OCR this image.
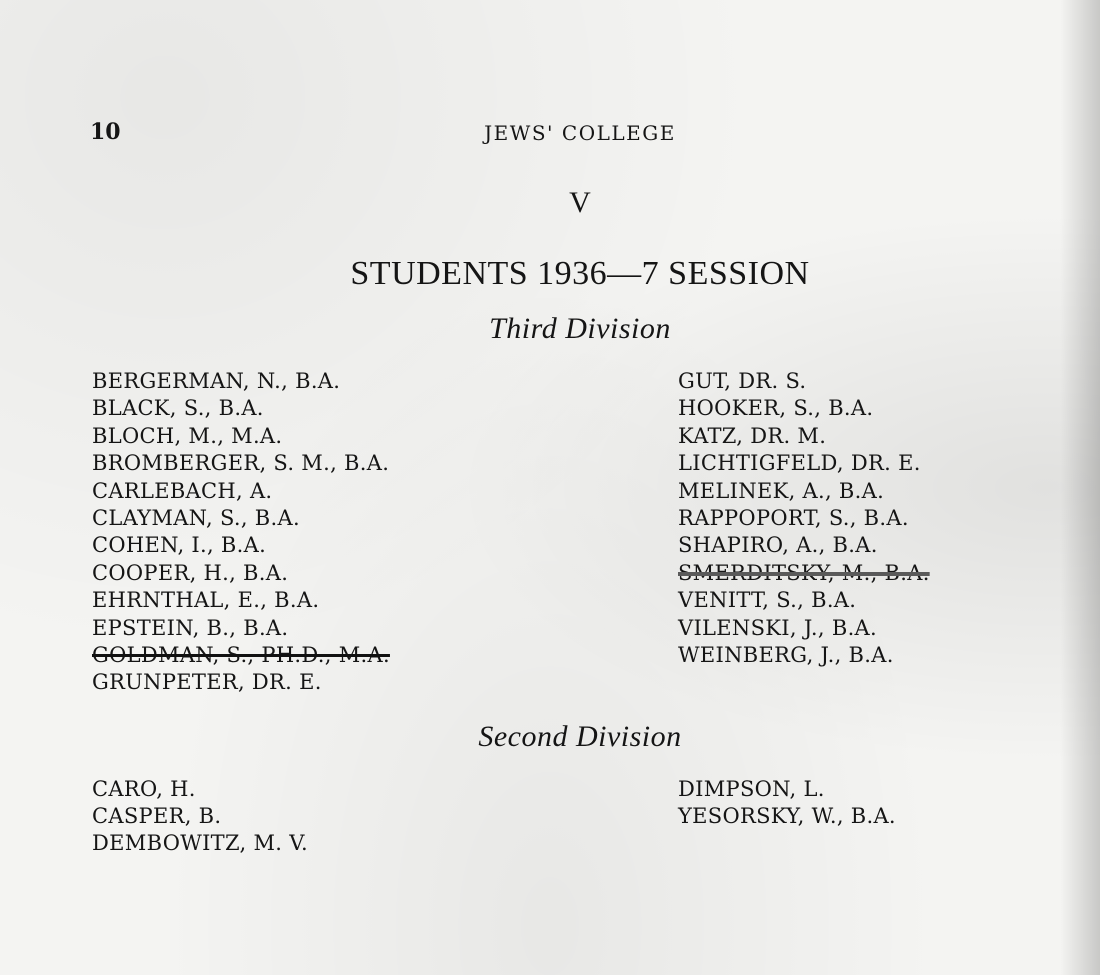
10	JEWS' COLLEGE
V
STUDENTS 1936—7 SESSION
Third Division
BERGERMAN, N., B.A.
BLACK, S., B.A.
BLOCH, M., M.A.
BROMBERGER, S. M., B.A.
CARLEBACH, A.
CLAYMAN, S., B.A.
COHEN, I., B.A.
COOPER, H., B.A.
EHRNTHAL, E., B.A.
EPSTEIN, B., B.A.
GOLDMAN, S., PH.D., M.A.
GRUNPETER, DR. E.
GUT, DR. S.
HOOKER, S., B.A.
KATZ, DR. M.
LICHTIGFELD, DR. E.
MELINEK, A., B.A.
RAPPOPORT, S., B.A.
SHAPIRO, A., B.A.
SMERDITSKY, M., B.A.
VENITT, S., B.A.
VILENSKI, J., B.A.
WEINBERG, J., B.A.
Second Division
CARO, H.
CASPER, B.
DEMBOWITZ, M. V.
DIMPSON, L.
YESORSKY, W., B.A.
